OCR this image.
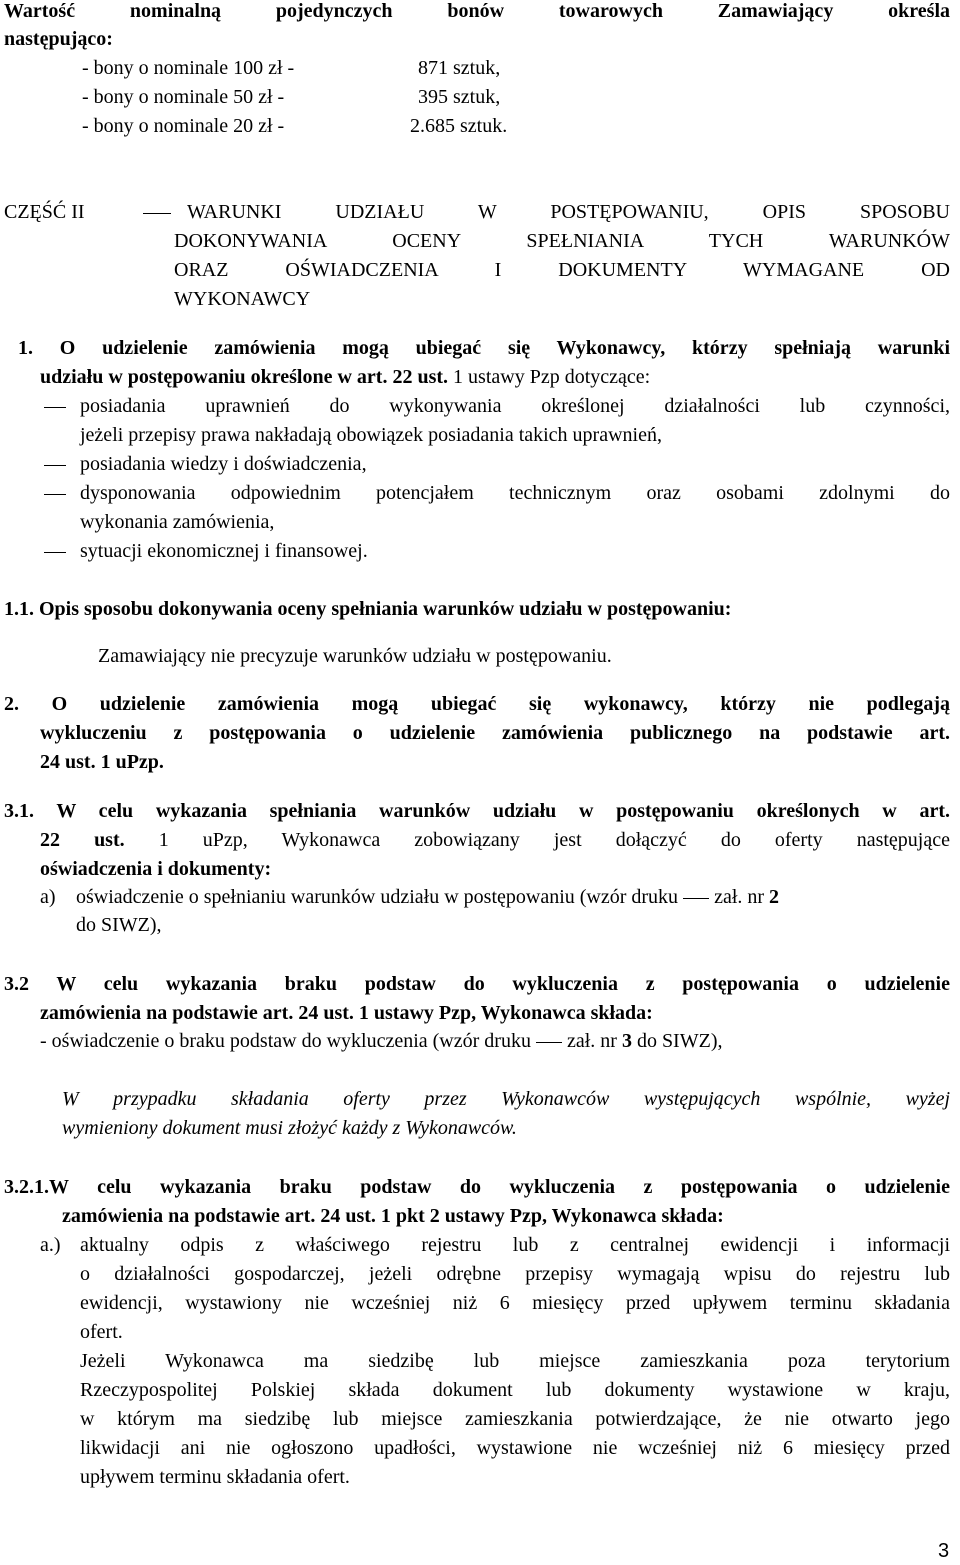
Wartość nominalną pojedynczych bonów towarowych Zamawiający określa
następująco:
- bony o nominale 100 zł -	871 sztuk,
- bony o nominale 50 zł -	395 sztuk,
- bony o nominale 20 zł -	2.685 sztuk.
CZĘŚĆ II	WARUNKI UDZIAŁU W POSTĘPOWANIU, OPIS SPOSOBU
DOKONYWANIA OCENY SPEŁNIANIA TYCH WARUNKÓW
ORAZ OŚWIADCZENIA I DOKUMENTY WYMAGANE OD
WYKONAWCY
1. O udzielenie zamówienia mogą ubiegać się Wykonawcy, którzy spełniają warunki
udziału w postępowaniu określone w art. 22 ust. 1 ustawy Pzp dotyczące:
posiadania uprawnień do wykonywania określonej działalności lub czynności,
jeżeli przepisy prawa nakładają obowiązek posiadania takich uprawnień,
posiadania wiedzy i doświadczenia,
dysponowania odpowiednim potencjałem technicznym oraz osobami zdolnymi do
wykonania zamówienia,
sytuacji ekonomicznej i finansowej.
1.1. Opis sposobu dokonywania oceny spełniania warunków udziału w postępowaniu:
Zamawiający nie precyzuje warunków udziału w postępowaniu.
2. O udzielenie zamówienia mogą ubiegać się wykonawcy, którzy nie podlegają
wykluczeniu z postępowania o udzielenie zamówienia publicznego na podstawie art.
24 ust. 1 uPzp.
3.1. W celu wykazania spełniania warunków udziału w postępowaniu określonych w art.
22 ust. 1 uPzp, Wykonawca zobowiązany jest dołączyć do oferty następujące
oświadczenia i dokumenty:
a) oświadczenie o spełnianiu warunków udziału w postępowaniu (wzór druku  zał. nr 2
do SIWZ),
3.2 W celu wykazania braku podstaw do wykluczenia z postępowania o udzielenie
zamówienia na podstawie art. 24 ust. 1 ustawy Pzp, Wykonawca składa:
- oświadczenie o braku podstaw do wykluczenia (wzór druku  zał. nr 3 do SIWZ),
W przypadku składania oferty przez Wykonawców występujących wspólnie, wyżej
wymieniony dokument musi złożyć każdy z Wykonawców.
3.2.1.W celu wykazania braku podstaw do wykluczenia z postępowania o udzielenie
zamówienia na podstawie art. 24 ust. 1 pkt 2 ustawy Pzp, Wykonawca składa:
a.) aktualny odpis z właściwego rejestru lub z centralnej ewidencji i informacji
o działalności gospodarczej, jeżeli odrębne przepisy wymagają wpisu do rejestru lub
ewidencji, wystawiony nie wcześniej niż 6 miesięcy przed upływem terminu składania
ofert.
Jeżeli Wykonawca ma siedzibę lub miejsce zamieszkania poza terytorium
Rzeczypospolitej Polskiej składa dokument lub dokumenty wystawione w kraju,
w którym ma siedzibę lub miejsce zamieszkania potwierdzające, że nie otwarto jego
likwidacji ani nie ogłoszono upadłości, wystawione nie wcześniej niż 6 miesięcy przed
upływem terminu składania ofert.
3
